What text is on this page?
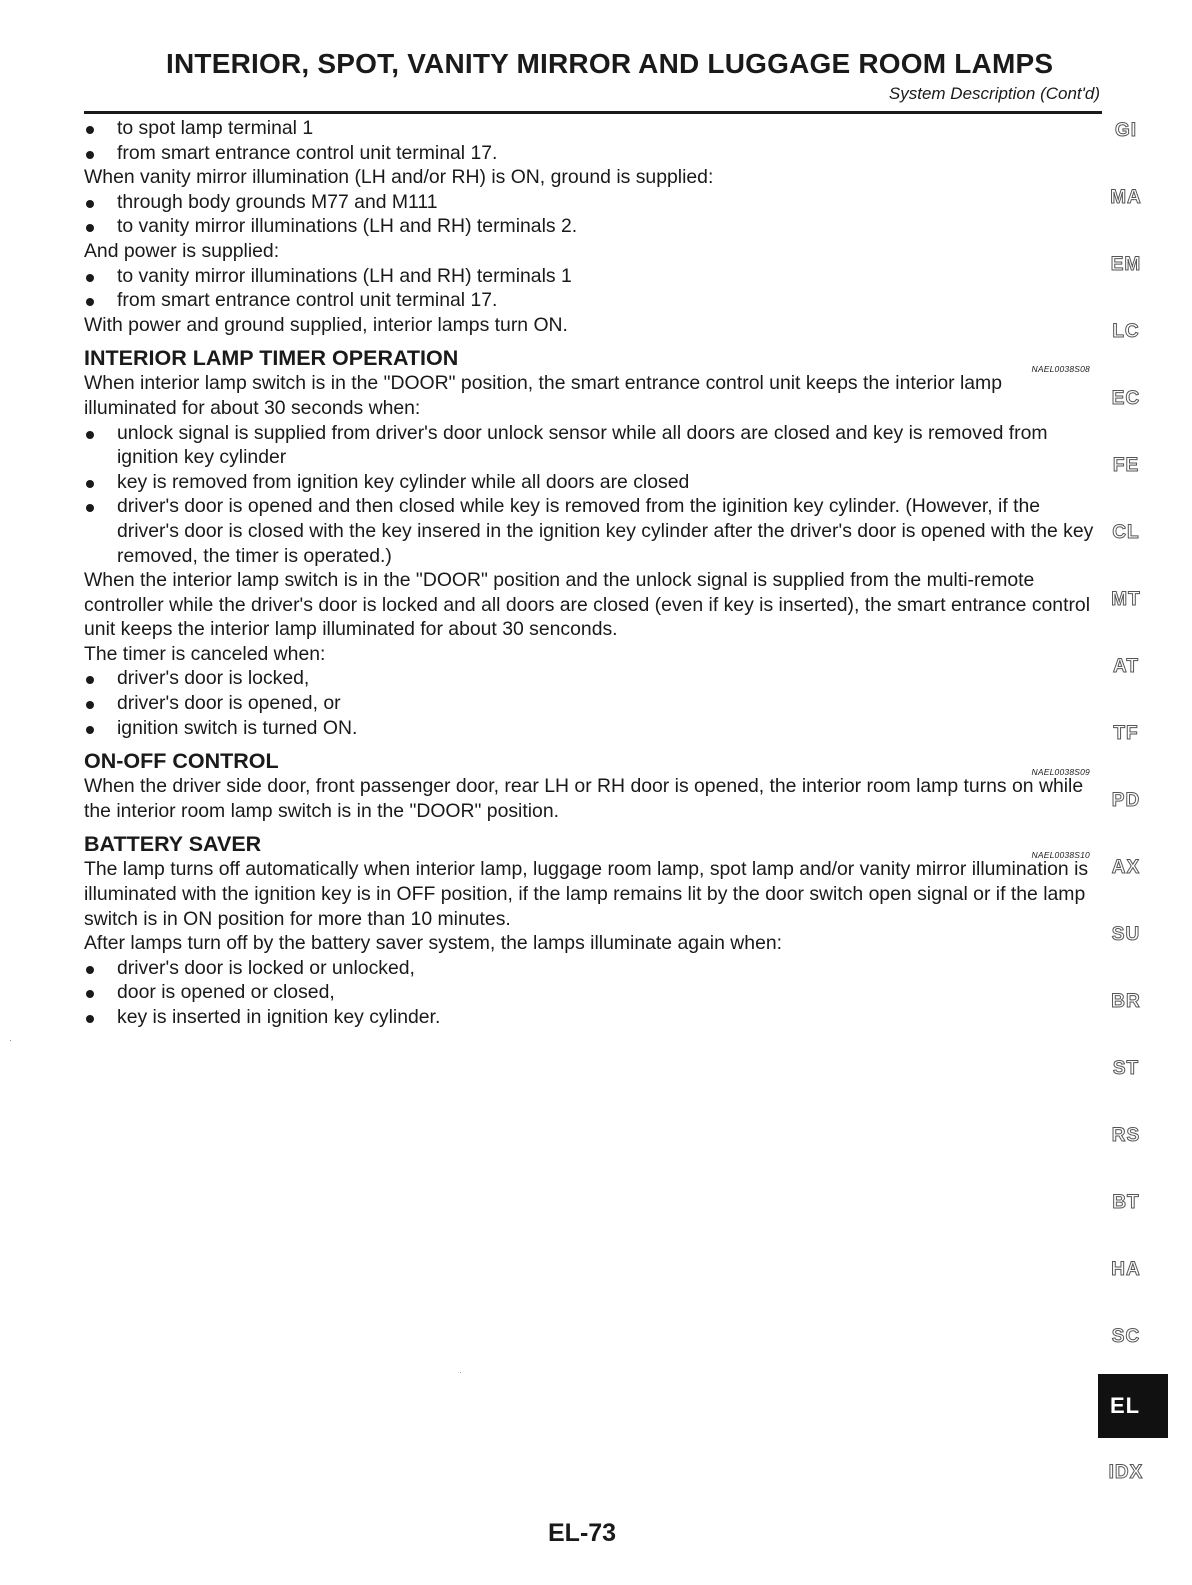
INTERIOR, SPOT, VANITY MIRROR AND LUGGAGE ROOM LAMPS
System Description (Cont'd)
to spot lamp terminal 1
from smart entrance control unit terminal 17.

When vanity mirror illumination (LH and/or RH) is ON, ground is supplied:

through body grounds M77 and M111
to vanity mirror illuminations (LH and RH) terminals 2.

And power is supplied:

to vanity mirror illuminations (LH and RH) terminals 1
from smart entrance control unit terminal 17.

With power and ground supplied, interior lamps turn ON.

INTERIOR LAMP TIMER OPERATION	NAEL0038S08

When interior lamp switch is in the "DOOR" position, the smart entrance control unit keeps the interior lamp illuminated for about 30 seconds when:

unlock signal is supplied from driver's door unlock sensor while all doors are closed and key is removed from ignition key cylinder
key is removed from ignition key cylinder while all doors are closed
driver's door is opened and then closed while key is removed from the iginition key cylinder. (However, if the driver's door is closed with the key insered in the ignition key cylinder after the driver's door is opened with the key removed, the timer is operated.)

When the interior lamp switch is in the "DOOR" position and the unlock signal is supplied from the multi-remote controller while the driver's door is locked and all doors are closed (even if key is inserted), the smart entrance control unit keeps the interior lamp illuminated for about 30 senconds.

The timer is canceled when:

driver's door is locked,
driver's door is opened, or
ignition switch is turned ON.
ON-OFF CONTROL	NAEL0038S09

When the driver side door, front passenger door, rear LH or RH door is opened, the interior room lamp turns on while the interior room lamp switch is in the "DOOR" position.

BATTERY SAVER	NAEL0038S10

The lamp turns off automatically when interior lamp, luggage room lamp, spot lamp and/or vanity mirror illumination is illuminated with the ignition key is in OFF position, if the lamp remains lit by the door switch open signal or if the lamp switch is in ON position for more than 10 minutes.

After lamps turn off by the battery saver system, the lamps illuminate again when:

driver's door is locked or unlocked,
door is opened or closed,
key is inserted in ignition key cylinder.
GI
MA
EM
LC
EC
FE
CL
MT
AT
TF
PD
AX
SU
BR
ST
RS
BT
HA
SC
EL
IDX
EL-73
